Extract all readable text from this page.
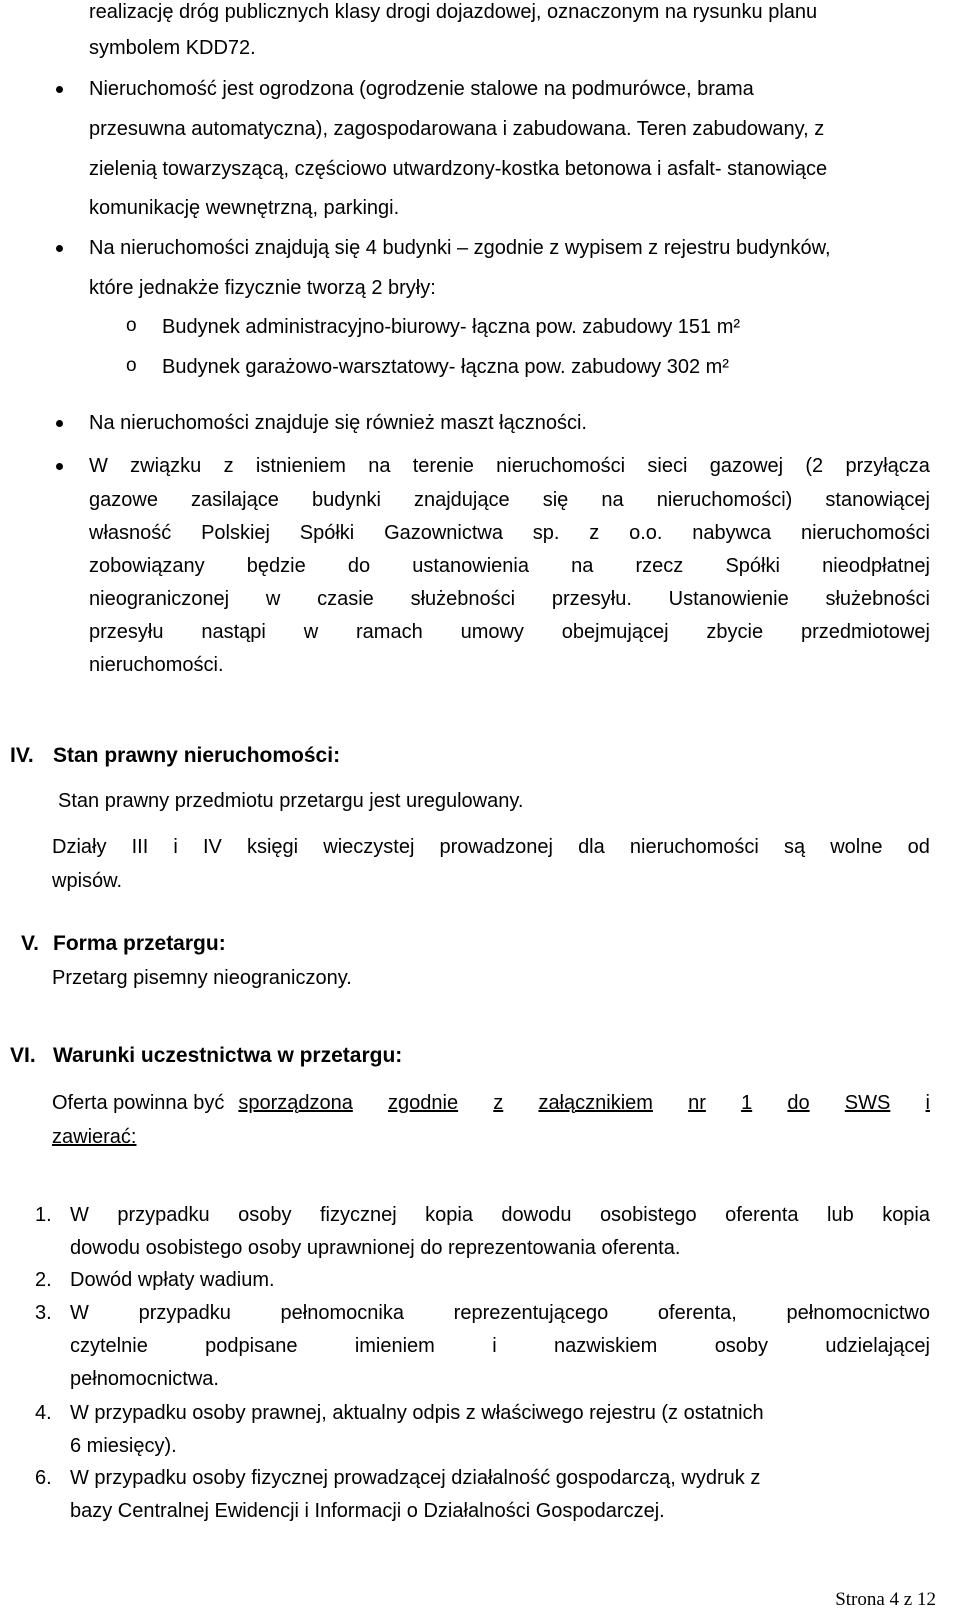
realizację dróg publicznych klasy drogi dojazdowej, oznaczonym na rysunku planu
symbolem KDD72.
Nieruchomość jest ogrodzona (ogrodzenie stalowe na podmurówce, brama
przesuwna automatyczna), zagospodarowana i zabudowana. Teren zabudowany, z
zielenią towarzyszącą, częściowo utwardzony-kostka betonowa i asfalt- stanowiące
komunikację wewnętrzną, parkingi.
Na nieruchomości znajdują się 4 budynki – zgodnie z wypisem z rejestru budynków,
które jednakże fizycznie tworzą 2 bryły:
o Budynek administracyjno-biurowy- łączna pow. zabudowy 151 m²
o Budynek garażowo-warsztatowy- łączna pow. zabudowy 302 m²
Na nieruchomości znajduje się również maszt łączności.
W związku z istnieniem na terenie nieruchomości sieci gazowej (2 przyłącza
gazowe zasilające budynki znajdujące się na nieruchomości) stanowiącej
własność Polskiej Spółki Gazownictwa sp. z o.o. nabywca nieruchomości
zobowiązany będzie do ustanowienia na rzecz Spółki nieodpłatnej
nieograniczonej w czasie służebności przesyłu. Ustanowienie służebności
przesyłu nastąpi w ramach umowy obejmującej zbycie przedmiotowej
nieruchomości.
IV. Stan prawny nieruchomości:
Stan prawny przedmiotu przetargu jest uregulowany.
Działy III i IV księgi wieczystej prowadzonej dla nieruchomości są wolne od
wpisów.
V. Forma przetargu:
Przetarg pisemny nieograniczony.
VI. Warunki uczestnictwa w przetargu:
Oferta powinna być sporządzona zgodnie z załącznikiem nr 1 do SWS i
zawierać:
1. W przypadku osoby fizycznej kopia dowodu osobistego oferenta lub kopia
dowodu osobistego osoby uprawnionej do reprezentowania oferenta.
2. Dowód wpłaty wadium.
3. W przypadku pełnomocnika reprezentującego oferenta, pełnomocnictwo
czytelnie	podpisane	imieniem	i	nazwiskiem	osoby	udzielającej
pełnomocnictwa.
4. W przypadku osoby prawnej, aktualny odpis z właściwego rejestru (z ostatnich
6 miesięcy).
6. W przypadku osoby fizycznej prowadzącej działalność gospodarczą, wydruk z
bazy Centralnej Ewidencji i Informacji o Działalności Gospodarczej.
Strona 4 z 12
